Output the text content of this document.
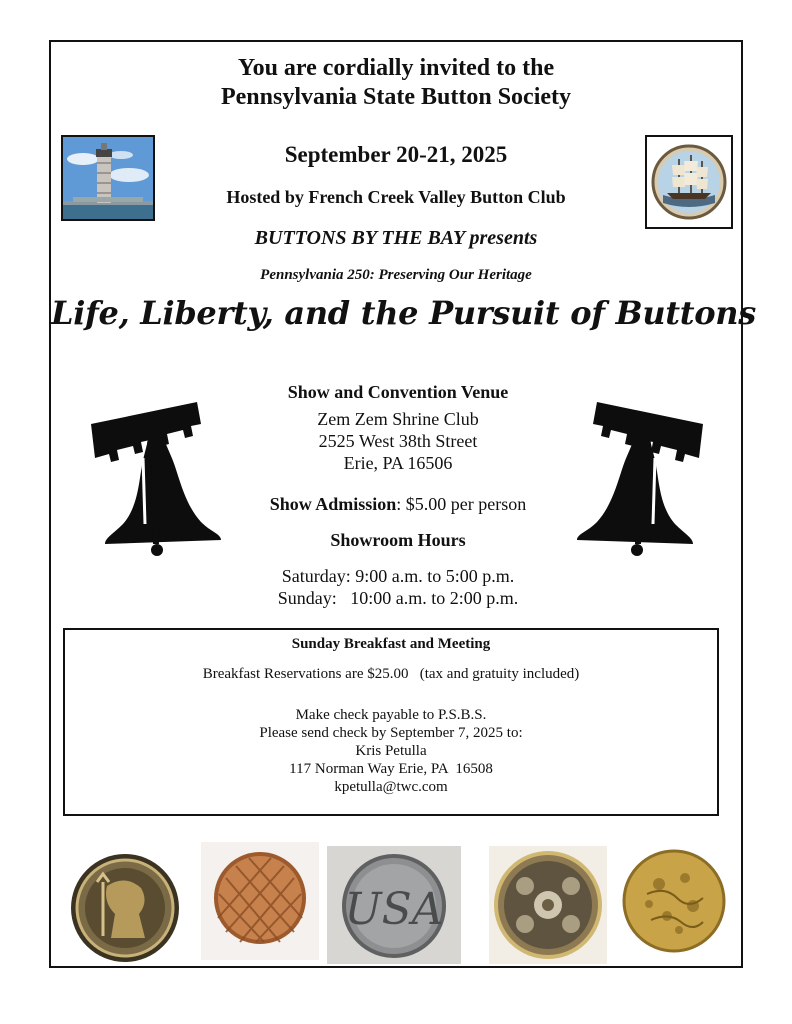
You are cordially invited to the
Pennsylvania State Button Society
September 20-21, 2025
Hosted by French Creek Valley Button Club
BUTTONS BY THE BAY presents
Pennsylvania 250: Preserving Our Heritage
Life, Liberty, and the Pursuit of Buttons
Show and Convention Venue
Zem Zem Shrine Club
2525 West 38th Street
Erie, PA 16506
Show Admission: $5.00 per person
Showroom Hours
Saturday: 9:00 a.m. to 5:00 p.m.
Sunday:   10:00 a.m. to 2:00 p.m.
Sunday Breakfast and Meeting
Breakfast Reservations are $25.00   (tax and gratuity included)
Make check payable to P.S.B.S.
Please send check by September 7, 2025 to:
Kris Petulla
117 Norman Way Erie, PA  16508
kpetulla@twc.com
USA
